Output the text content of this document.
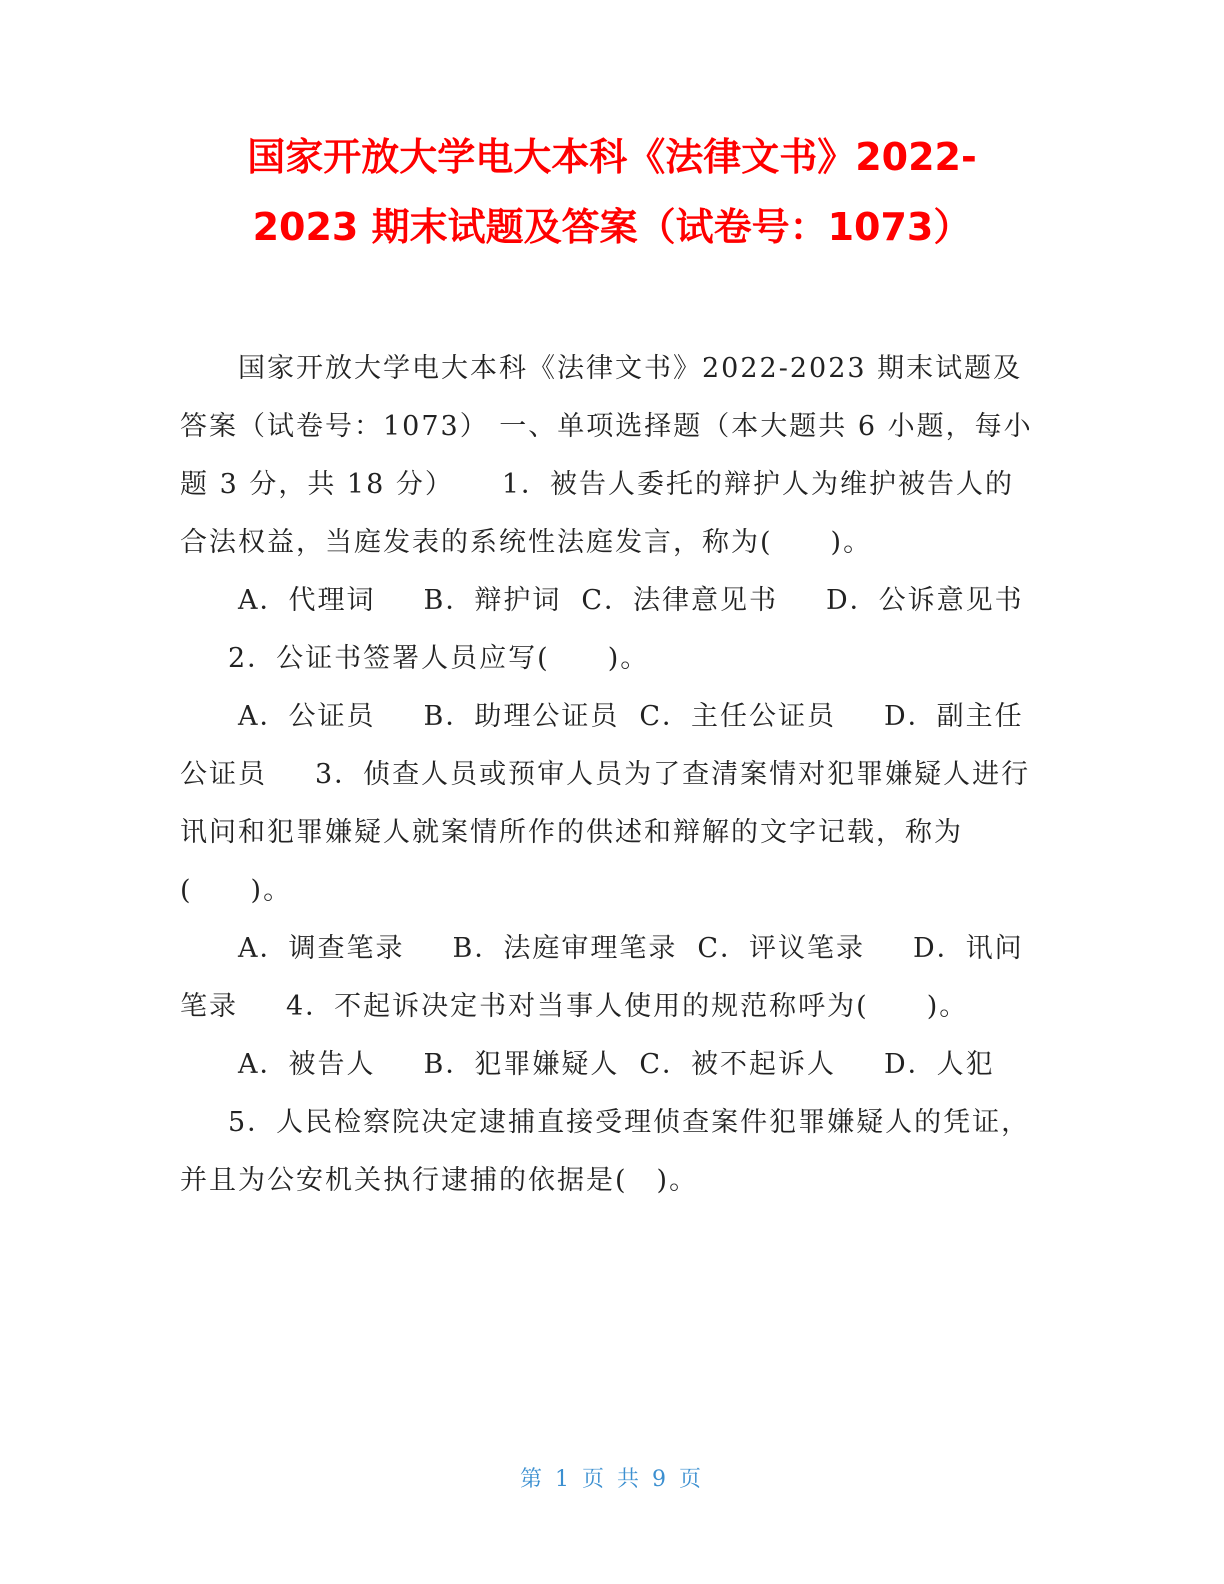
国家开放大学电大本科《法律文书》2022-
2023 期末试题及答案（试卷号：1073）

国家开放大学电大本科《法律文书》2022-2023 期末试题及答案（试卷号：1073） 一、单项选择题（本大题共 6 小题，每小题 3 分，共 18 分） 1．被告人委托的辩护人为维护被告人的合法权益，当庭发表的系统性法庭发言，称为(　　)。

A．代理词 B．辩护词 C．法律意见书 D．公诉意见书2．公证书签署人员应写(　　)。

A．公证员 B．助理公证员 C．主任公证员 D．副主任公证员 3．侦查人员或预审人员为了查清案情对犯罪嫌疑人进行讯问和犯罪嫌疑人就案情所作的供述和辩解的文字记载，称为(　　)。

A．调查笔录 B．法庭审理笔录 C．评议笔录 D．讯问笔录 4．不起诉决定书对当事人使用的规范称呼为(　　)。

A．被告人 B．犯罪嫌疑人 C．被不起诉人 D．人犯5．人民检察院决定逮捕直接受理侦查案件犯罪嫌疑人的凭证，并且为公安机关执行逮捕的依据是(　)。

第 1 页 共 9 页
